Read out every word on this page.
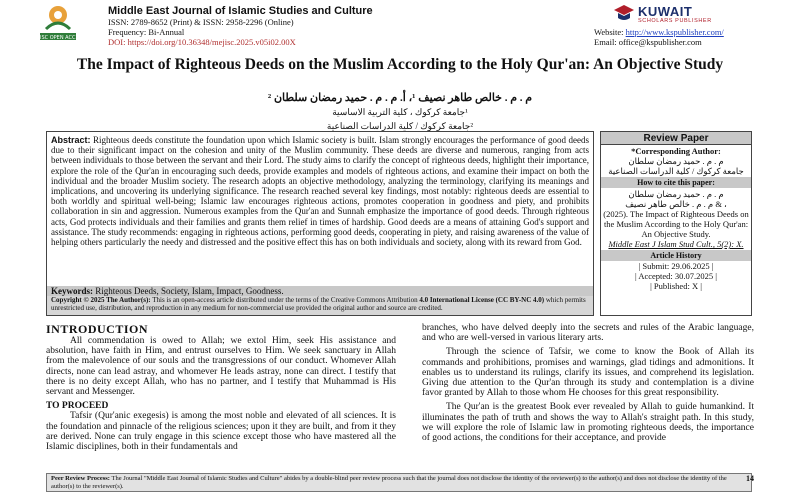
MEJISC OPEN ACCESS
Middle East Journal of Islamic Studies and Culture
ISSN: 2789-8652 (Print) & ISSN: 2958-2296 (Online)
Frequency: Bi-Annual
DOI: https://doi.org/10.36348/mejisc.2025.v05i02.00X
KUWAIT
SCHOLARS PUBLISHER
Website: http://www.kspublisher.com/
Email: office@kspublisher.com
The Impact of Righteous Deeds on the Muslim According to the Holy Qur'an: An Objective Study
م . م . خالص طاهر نصيف ¹، أ. م . م . حميد رمضان سلطان ²
¹جامعة كركوك ، كلية التربية الاساسية
²جامعة كركوك / كلية الدراسات الصناعية
Abstract: Righteous deeds constitute the foundation upon which Islamic society is built. Islam strongly encourages the performance of good deeds due to their significant impact on the cohesion and unity of the Muslim community. These deeds are diverse and numerous, ranging from acts between individuals to those between the servant and their Lord. The study aims to clarify the concept of righteous deeds, highlight their importance, explore the role of the Qur'an in encouraging such deeds, provide examples and models of righteous actions, and examine their impact on both the individual and the broader Muslim society. The research adopts an objective methodology, analyzing the terminology, clarifying its meanings and implications, and uncovering its underlying significance. The research reached several key findings, most notably: righteous deeds are essential to both worldly and spiritual well-being; Islamic law encourages righteous actions, promotes cooperation in goodness and piety, and prohibits collaboration in sin and aggression. Numerous examples from the Qur'an and Sunnah emphasize the importance of good deeds. Through righteous acts, God protects individuals and their families and grants them relief in times of hardship. Good deeds are a means of attaining God's support and assistance. The study recommends: engaging in righteous actions, performing good deeds, cooperating in piety, and raising awareness of the value of helping others particularly the needy and distressed and the positive effect this has on both individuals and society, along with its reward from God.
Keywords: Righteous Deeds, Society, Islam, Impact, Goodness.
Copyright © 2025 The Author(s): This is an open-access article distributed under the terms of the Creative Commons Attribution 4.0 International License (CC BY-NC 4.0) which permits unrestricted use, distribution, and reproduction in any medium for non-commercial use provided the original author and source are credited.
Review Paper
*Corresponding Author:
م . م . حميد رمضان سلطان
جامعة كركوك / كلية الدراسات الصناعية
How to cite this paper:
م . م . حميد رمضان سلطان
، & م . م . خالص طاهر نصيف
(2025). The Impact of Righteous Deeds on the Muslim According to the Holy Qur'an: An Objective Study.
Middle East J Islam Stud Cult., 5(2): X.
Article History
| Submit: 29.06.2025 |
| Accepted: 30.07.2025 |
| Published: X |
INTRODUCTION

All commendation is owed to Allah; we extol Him, seek His assistance and absolution, have faith in Him, and entrust ourselves to Him. We seek sanctuary in Allah from the malevolence of our souls and the transgressions of our conduct. Whomever Allah directs, none can lead astray, and whomever He leads astray, none can direct. I testify that there is no deity except Allah, who has no partner, and I testify that Muhammad is His servant and Messenger.

TO PROCEED

Tafsir (Qur'anic exegesis) is among the most noble and elevated of all sciences. It is the foundation and pinnacle of the religious sciences; upon it they are built, and from it they are derived. None can truly engage in this science except those who have mastered all the Islamic disciplines, both in their fundamentals and

branches, who have delved deeply into the secrets and rules of the Arabic language, and who are well-versed in various literary arts.

Through the science of Tafsir, we come to know the Book of Allah its commands and prohibitions, promises and warnings, glad tidings and admonitions. It enables us to understand its rulings, clarify its issues, and comprehend its legislation. Giving due attention to the Qur'an through its study and contemplation is a divine favor granted by Allah to those whom He chooses for this great responsibility.

The Qur'an is the greatest Book ever revealed by Allah to guide humankind. It illuminates the path of truth and shows the way to Allah's straight path. In this study, we will explore the role of Islamic law in promoting righteous deeds, the importance of good actions, the conditions for their acceptance, and provide

Peer Review Process: The Journal "Middle East Journal of Islamic Studies and Culture" abides by a double-blind peer review process such that the journal does not disclose the identity of the reviewer(s) to the author(s) and does not disclose the identity of the author(s) to the reviewer(s).
14
